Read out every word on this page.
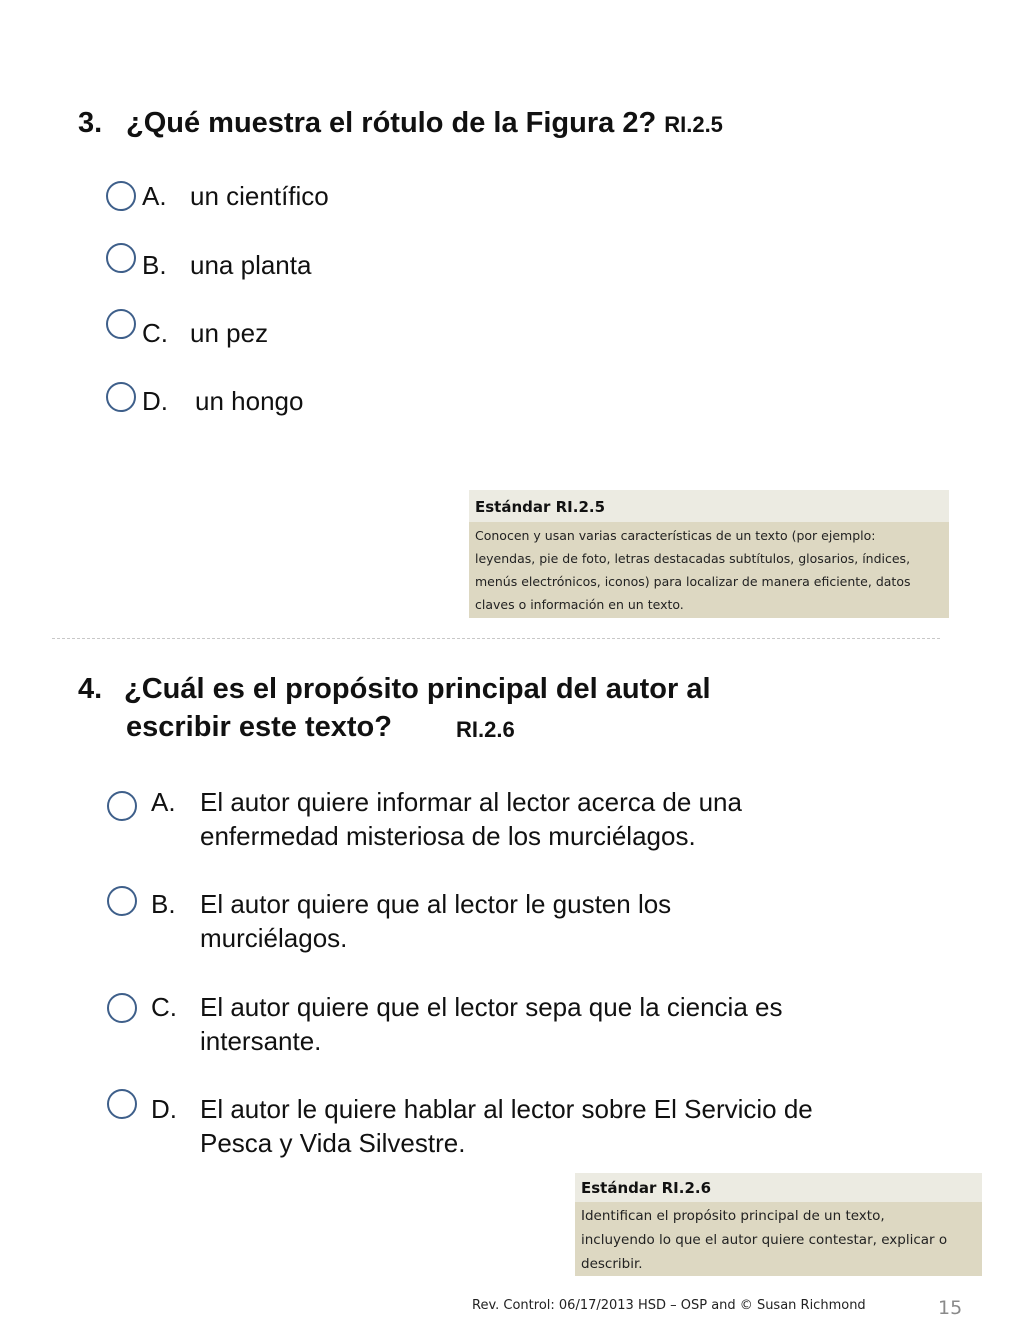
3. ¿Qué muestra el rótulo de la Figura 2? RI.2.5
A. un científico
B. una planta
C. un pez
D. un hongo
Estándar RI.2.5
Conocen y usan varias características de un texto (por ejemplo:
leyendas, pie de foto, letras destacadas subtítulos, glosarios, índices,
menús electrónicos, iconos) para localizar de manera eficiente, datos
claves o información en un texto.
4. ¿Cuál es el propósito principal del autor al
escribir este texto?	RI.2.6
A. El autor quiere informar al lector acerca de una
enfermedad misteriosa de los murciélagos.
B. El autor quiere que al lector le gusten los
murciélagos.
C. El autor quiere que el lector sepa que la ciencia es
intersante.
D. El autor le quiere hablar al lector sobre El Servicio de
Pesca y Vida Silvestre.
Estándar RI.2.6
Identifican el propósito principal de un texto,
incluyendo lo que el autor quiere contestar, explicar o
describir.
Rev. Control: 06/17/2013 HSD – OSP and © Susan Richmond	15
